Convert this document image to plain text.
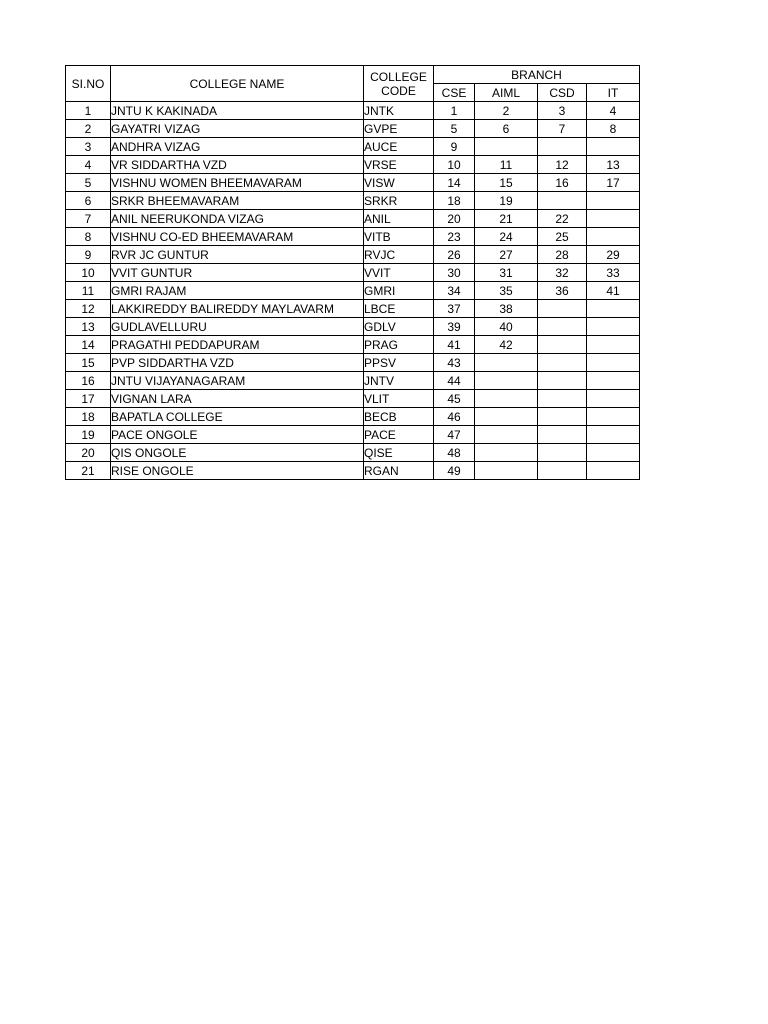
SI.NO	COLLEGE NAME	COLLEGE CODE	BRANCH			
			CSE	AIML	CSD	IT
1	JNTU K KAKINADA	JNTK	1	2	3	4
2	GAYATRI VIZAG	GVPE	5	6	7	8
3	ANDHRA VIZAG	AUCE	9			
4	VR SIDDARTHA VZD	VRSE	10	11	12	13
5	VISHNU WOMEN BHEEMAVARAM	VISW	14	15	16	17
6	SRKR BHEEMAVARAM	SRKR	18	19		
7	ANIL NEERUKONDA VIZAG	ANIL	20	21	22	
8	VISHNU CO-ED BHEEMAVARAM	VITB	23	24	25	
9	RVR JC GUNTUR	RVJC	26	27	28	29
10	VVIT GUNTUR	VVIT	30	31	32	33
11	GMRI RAJAM	GMRI	34	35	36	41
12	LAKKIREDDY BALIREDDY MAYLAVARM	LBCE	37	38		
13	GUDLAVELLURU	GDLV	39	40		
14	PRAGATHI PEDDAPURAM	PRAG	41	42		
15	PVP SIDDARTHA VZD	PPSV	43			
16	JNTU VIJAYANAGARAM	JNTV	44			
17	VIGNAN LARA	VLIT	45			
18	BAPATLA COLLEGE	BECB	46			
19	PACE ONGOLE	PACE	47			
20	QIS ONGOLE	QISE	48			
21	RISE ONGOLE	RGAN	49			
